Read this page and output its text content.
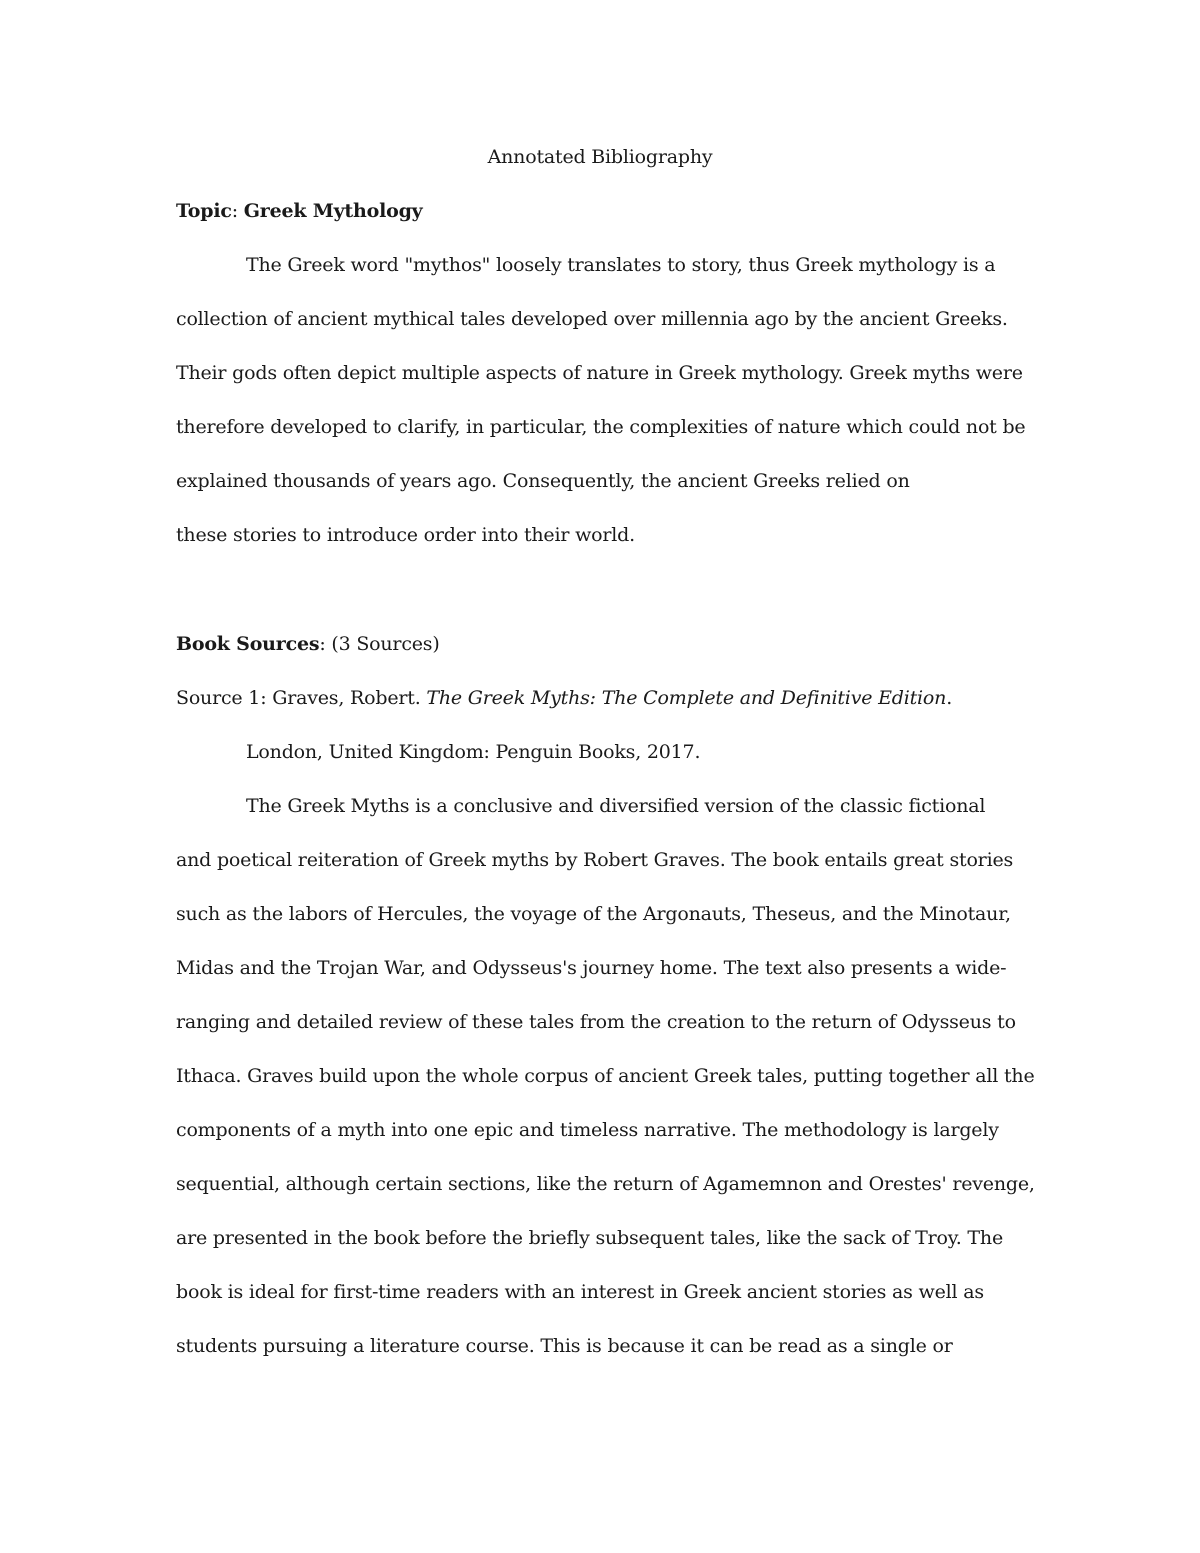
Annotated Bibliography
Topic: Greek Mythology
The Greek word "mythos" loosely translates to story, thus Greek mythology is a
collection of ancient mythical tales developed over millennia ago by the ancient Greeks.
Their gods often depict multiple aspects of nature in Greek mythology. Greek myths were
therefore developed to clarify, in particular, the complexities of nature which could not be
explained thousands of years ago. Consequently, the ancient Greeks relied on
these stories to introduce order into their world.
Book Sources: (3 Sources)
Source 1: Graves, Robert. The Greek Myths: The Complete and Definitive Edition.
London, United Kingdom: Penguin Books, 2017.
The Greek Myths is a conclusive and diversified version of the classic fictional
and poetical reiteration of Greek myths by Robert Graves. The book entails great stories
such as the labors of Hercules, the voyage of the Argonauts, Theseus, and the Minotaur,
Midas and the Trojan War, and Odysseus's journey home. The text also presents a wide-
ranging and detailed review of these tales from the creation to the return of Odysseus to
Ithaca. Graves build upon the whole corpus of ancient Greek tales, putting together all the
components of a myth into one epic and timeless narrative. The methodology is largely
sequential, although certain sections, like the return of Agamemnon and Orestes' revenge,
are presented in the book before the briefly subsequent tales, like the sack of Troy. The
book is ideal for first-time readers with an interest in Greek ancient stories as well as
students pursuing a literature course. This is because it can be read as a single or
